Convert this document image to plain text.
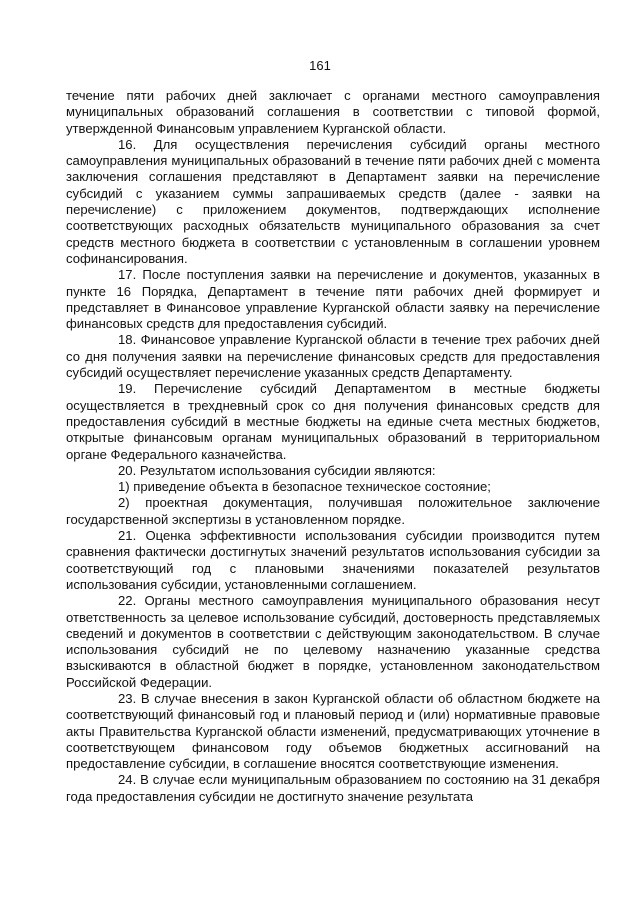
161

течение пяти рабочих дней заключает с органами местного самоуправления муниципальных образований соглашения в соответствии с типовой формой, утвержденной Финансовым управлением Курганской области.

16. Для осуществления перечисления субсидий органы местного самоуправления муниципальных образований в течение пяти рабочих дней с момента заключения соглашения представляют в Департамент заявки на перечисление субсидий с указанием суммы запрашиваемых средств (далее - заявки на перечисление) с приложением документов, подтверждающих исполнение соответствующих расходных обязательств муниципального образования за счет средств местного бюджета в соответствии с установленным в соглашении уровнем софинансирования.

17. После поступления заявки на перечисление и документов, указанных в пункте 16 Порядка, Департамент в течение пяти рабочих дней формирует и представляет в Финансовое управление Курганской области заявку на перечисление финансовых средств для предоставления субсидий.

18. Финансовое управление Курганской области в течение трех рабочих дней со дня получения заявки на перечисление финансовых средств для предоставления субсидий осуществляет перечисление указанных средств Департаменту.

19. Перечисление субсидий Департаментом в местные бюджеты осуществляется в трехдневный срок со дня получения финансовых средств для предоставления субсидий в местные бюджеты на единые счета местных бюджетов, открытые финансовым органам муниципальных образований в территориальном органе Федерального казначейства.

20. Результатом использования субсидии являются:

1) приведение объекта в безопасное техническое состояние;

2) проектная документация, получившая положительное заключение государственной экспертизы в установленном порядке.

21. Оценка эффективности использования субсидии производится путем сравнения фактически достигнутых значений результатов использования субсидии за соответствующий год с плановыми значениями показателей результатов использования субсидии, установленными соглашением.

22. Органы местного самоуправления муниципального образования несут ответственность за целевое использование субсидий, достоверность представляемых сведений и документов в соответствии с действующим законодательством. В случае использования субсидий не по целевому назначению указанные средства взыскиваются в областной бюджет в порядке, установленном законодательством Российской Федерации.

23. В случае внесения в закон Курганской области об областном бюджете на соответствующий финансовый год и плановый период и (или) нормативные правовые акты Правительства Курганской области изменений, предусматривающих уточнение в соответствующем финансовом году объемов бюджетных ассигнований на предоставление субсидии, в соглашение вносятся соответствующие изменения.

24. В случае если муниципальным образованием по состоянию на 31 декабря года предоставления субсидии не достигнуто значение результата
